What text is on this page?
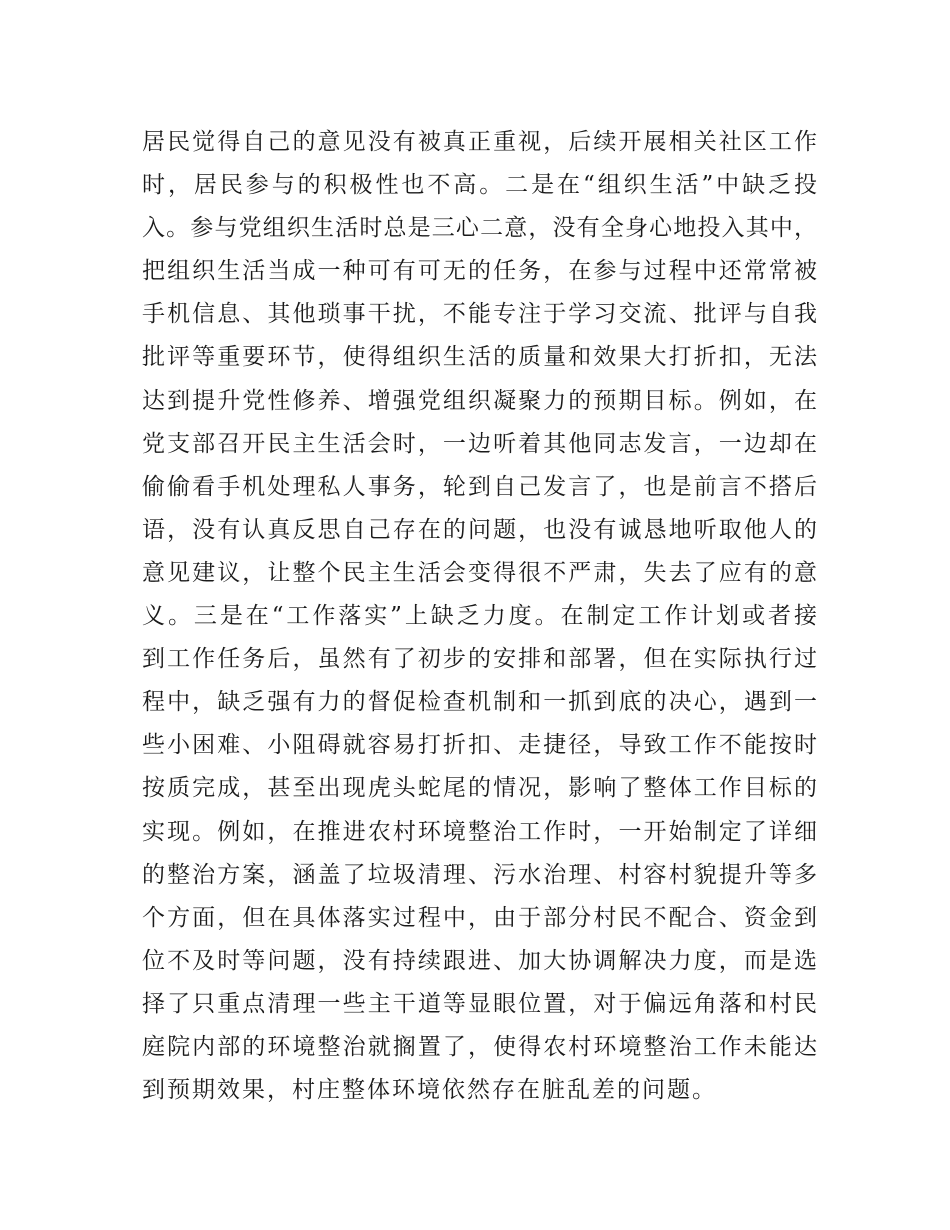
居民觉得自己的意见没有被真正重视，后续开展相关社区工作
时，居民参与的积极性也不高。二是在“组织生活”中缺乏投
入。参与党组织生活时总是三心二意，没有全身心地投入其中，
把组织生活当成一种可有可无的任务，在参与过程中还常常被
手机信息、其他琐事干扰，不能专注于学习交流、批评与自我
批评等重要环节，使得组织生活的质量和效果大打折扣，无法
达到提升党性修养、增强党组织凝聚力的预期目标。例如，在
党支部召开民主生活会时，一边听着其他同志发言，一边却在
偷偷看手机处理私人事务，轮到自己发言了，也是前言不搭后
语，没有认真反思自己存在的问题，也没有诚恳地听取他人的
意见建议，让整个民主生活会变得很不严肃，失去了应有的意
义。三是在“工作落实”上缺乏力度。在制定工作计划或者接
到工作任务后，虽然有了初步的安排和部署，但在实际执行过
程中，缺乏强有力的督促检查机制和一抓到底的决心，遇到一
些小困难、小阻碍就容易打折扣、走捷径，导致工作不能按时
按质完成，甚至出现虎头蛇尾的情况，影响了整体工作目标的
实现。例如，在推进农村环境整治工作时，一开始制定了详细
的整治方案，涵盖了垃圾清理、污水治理、村容村貌提升等多
个方面，但在具体落实过程中，由于部分村民不配合、资金到
位不及时等问题，没有持续跟进、加大协调解决力度，而是选
择了只重点清理一些主干道等显眼位置，对于偏远角落和村民
庭院内部的环境整治就搁置了，使得农村环境整治工作未能达
到预期效果，村庄整体环境依然存在脏乱差的问题。
